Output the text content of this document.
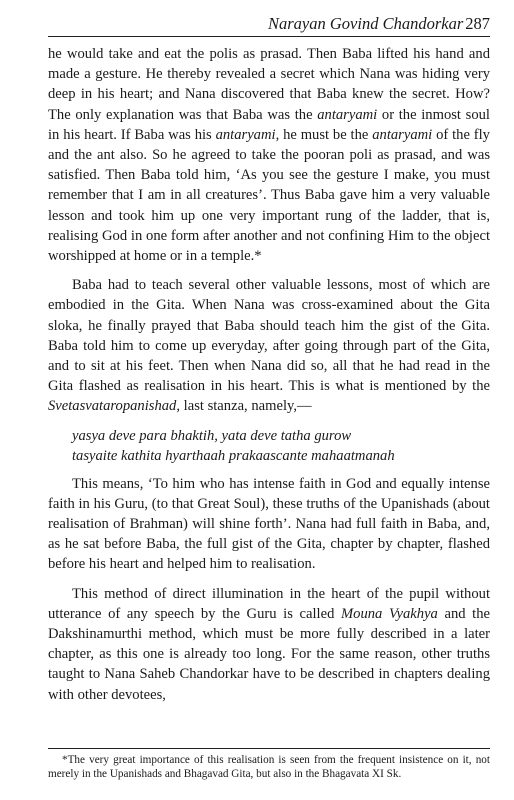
Narayan Govind Chandorkar 287

he would take and eat the polis as prasad. Then Baba lifted his hand and made a gesture. He thereby revealed a secret which Nana was hiding very deep in his heart; and Nana discovered that Baba knew the secret. How? The only explanation was that Baba was the antaryami or the inmost soul in his heart. If Baba was his antaryami, he must be the antaryami of the fly and the ant also. So he agreed to take the pooran poli as prasad, and was satisfied. Then Baba told him, ‘As you see the gesture I make, you must remember that I am in all creatures’. Thus Baba gave him a very valuable lesson and took him up one very important rung of the ladder, that is, realising God in one form after another and not confining Him to the object worshipped at home or in a temple.*

Baba had to teach several other valuable lessons, most of which are embodied in the Gita. When Nana was cross-examined about the Gita sloka, he finally prayed that Baba should teach him the gist of the Gita. Baba told him to come up everyday, after going through part of the Gita, and to sit at his feet. Then when Nana did so, all that he had read in the Gita flashed as realisation in his heart. This is what is mentioned by the Svetasvataropanishad, last stanza, namely,—

yasya deve para bhaktih, yata deve tatha gurow
tasyaite kathita hyarthaah prakaascante mahaatmanah

This means, ‘To him who has intense faith in God and equally intense faith in his Guru, (to that Great Soul), these truths of the Upanishads (about realisation of Brahman) will shine forth’. Nana had full faith in Baba, and, as he sat before Baba, the full gist of the Gita, chapter by chapter, flashed before his heart and helped him to realisation.

This method of direct illumination in the heart of the pupil without utterance of any speech by the Guru is called Mouna Vyakhya and the Dakshinamurthi method, which must be more fully described in a later chapter, as this one is already too long. For the same reason, other truths taught to Nana Saheb Chandorkar have to be described in chapters dealing with other devotees,

*The very great importance of this realisation is seen from the frequent insistence on it, not merely in the Upanishads and Bhagavad Gita, but also in the Bhagavata XI Sk.
